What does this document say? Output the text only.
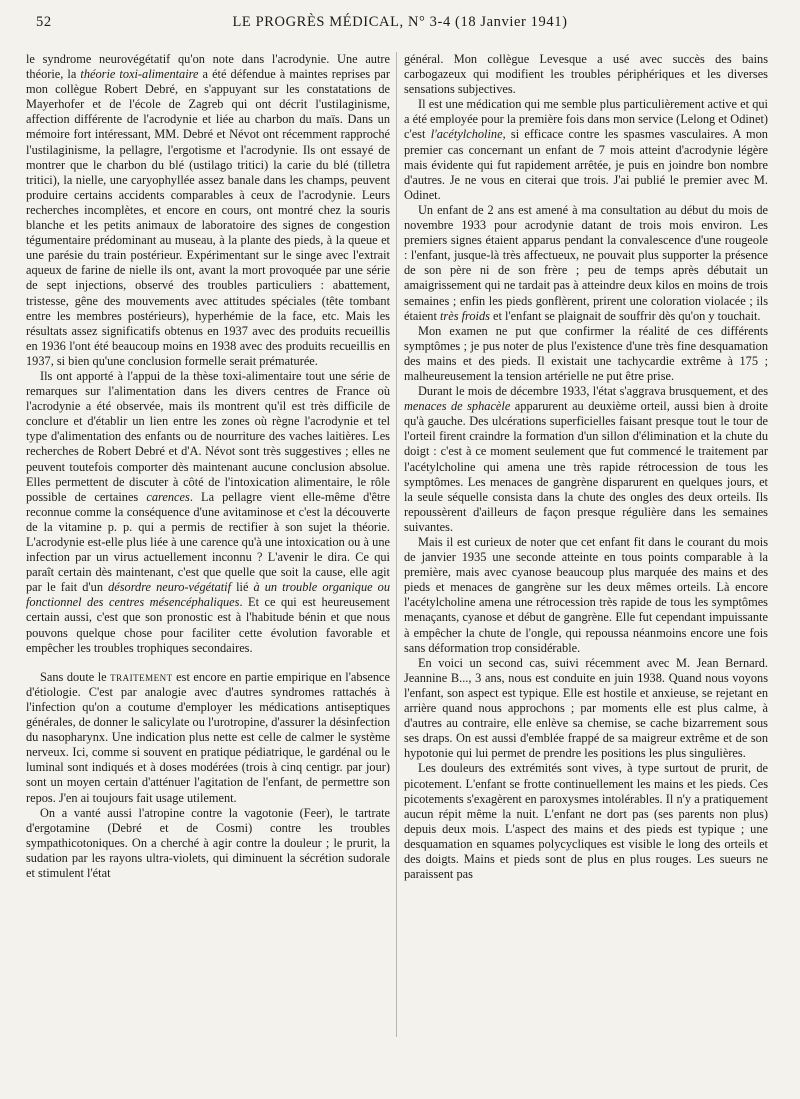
52	LE PROGRÈS MÉDICAL, N° 3-4 (18 Janvier 1941)

le syndrome neurovégétatif qu'on note dans l'acrodynie. Une autre théorie, la théorie toxi-alimentaire a été défendue à maintes reprises par mon collègue Robert Debré, en s'appuyant sur les constatations de Mayerhofer et de l'école de Zagreb qui ont décrit l'ustilaginisme, affection différente de l'acrodynie et liée au charbon du maïs. Dans un mémoire fort intéressant, MM. Debré et Névot ont récemment rapproché l'ustilaginisme, la pellagre, l'ergotisme et l'acrodynie. Ils ont essayé de montrer que le charbon du blé (ustilago tritici) la carie du blé (tilletra tritici), la nielle, une caryophyllée assez banale dans les champs, peuvent produire certains accidents comparables à ceux de l'acrodynie. Leurs recherches incomplètes, et encore en cours, ont montré chez la souris blanche et les petits animaux de laboratoire des signes de congestion tégumentaire prédominant au museau, à la plante des pieds, à la queue et une parésie du train postérieur. Expérimentant sur le singe avec l'extrait aqueux de farine de nielle ils ont, avant la mort provoquée par une série de sept injections, observé des troubles particuliers : abattement, tristesse, gêne des mouvements avec attitudes spéciales (tête tombant entre les membres postérieurs), hyperhémie de la face, etc. Mais les résultats assez significatifs obtenus en 1937 avec des produits recueillis en 1936 l'ont été beaucoup moins en 1938 avec des produits recueillis en 1937, si bien qu'une conclusion formelle serait prématurée.

Ils ont apporté à l'appui de la thèse toxi-alimentaire tout une série de remarques sur l'alimentation dans les divers centres de France où l'acrodynie a été observée, mais ils montrent qu'il est très difficile de conclure et d'établir un lien entre les zones où règne l'acrodynie et tel type d'alimentation des enfants ou de nourriture des vaches laitières. Les recherches de Robert Debré et d'A. Névot sont très suggestives ; elles ne peuvent toutefois comporter dès maintenant aucune conclusion absolue. Elles permettent de discuter à côté de l'intoxication alimentaire, le rôle possible de certaines carences. La pellagre vient elle-même d'être reconnue comme la conséquence d'une avitaminose et c'est la découverte de la vitamine p. p. qui a permis de rectifier à son sujet la théorie. L'acrodynie est-elle plus liée à une carence qu'à une intoxication ou à une infection par un virus actuellement inconnu ? L'avenir le dira. Ce qui paraît certain dès maintenant, c'est que quelle que soit la cause, elle agit par le fait d'un désordre neuro-végétatif lié à un trouble organique ou fonctionnel des centres mésencéphaliques. Et ce qui est heureusement certain aussi, c'est que son pronostic est à l'habitude bénin et que nous pouvons quelque chose pour faciliter cette évolution favorable et empêcher les troubles trophiques secondaires.

Sans doute le traitement est encore en partie empirique en l'absence d'étiologie. C'est par analogie avec d'autres syndromes rattachés à l'infection qu'on a coutume d'employer les médications antiseptiques générales, de donner le salicylate ou l'urotropine, d'assurer la désinfection du nasopharynx. Une indication plus nette est celle de calmer le système nerveux. Ici, comme si souvent en pratique pédiatrique, le gardénal ou le luminal sont indiqués et à doses modérées (trois à cinq centigr. par jour) sont un moyen certain d'atténuer l'agitation de l'enfant, de permettre son repos. J'en ai toujours fait usage utilement.

On a vanté aussi l'atropine contre la vagotonie (Feer), le tartrate d'ergotamine (Debré et de Cosmi) contre les troubles sympathicotoniques. On a cherché à agir contre la douleur ; le prurit, la sudation par les rayons ultra-violets, qui diminuent la sécrétion sudorale et stimulent l'état

général. Mon collègue Levesque a usé avec succès des bains carbogazeux qui modifient les troubles périphériques et les diverses sensations subjectives.

Il est une médication qui me semble plus particulièrement active et qui a été employée pour la première fois dans mon service (Lelong et Odinet) c'est l'acétylcholine, si efficace contre les spasmes vasculaires. A mon premier cas concernant un enfant de 7 mois atteint d'acrodynie légère mais évidente qui fut rapidement arrêtée, je puis en joindre bon nombre d'autres. Je ne vous en citerai que trois. J'ai publié le premier avec M. Odinet.

Un enfant de 2 ans est amené à ma consultation au début du mois de novembre 1933 pour acrodynie datant de trois mois environ. Les premiers signes étaient apparus pendant la convalescence d'une rougeole : l'enfant, jusque-là très affectueux, ne pouvait plus supporter la présence de son père ni de son frère ; peu de temps après débutait un amaigrissement qui ne tardait pas à atteindre deux kilos en moins de trois semaines ; enfin les pieds gonflèrent, prirent une coloration violacée ; ils étaient très froids et l'enfant se plaignait de souffrir dès qu'on y touchait.

Mon examen ne put que confirmer la réalité de ces différents symptômes ; je pus noter de plus l'existence d'une très fine desquamation des mains et des pieds. Il existait une tachycardie extrême à 175 ; malheureusement la tension artérielle ne put être prise.

Durant le mois de décembre 1933, l'état s'aggrava brusquement, et des menaces de sphacèle apparurent au deuxième orteil, aussi bien à droite qu'à gauche. Des ulcérations superficielles faisant presque tout le tour de l'orteil firent craindre la formation d'un sillon d'élimination et la chute du doigt : c'est à ce moment seulement que fut commencé le traitement par l'acétylcholine qui amena une très rapide rétrocession de tous les symptômes. Les menaces de gangrène disparurent en quelques jours, et la seule séquelle consista dans la chute des ongles des deux orteils. Ils repoussèrent d'ailleurs de façon presque régulière dans les semaines suivantes.

Mais il est curieux de noter que cet enfant fit dans le courant du mois de janvier 1935 une seconde atteinte en tous points comparable à la première, mais avec cyanose beaucoup plus marquée des mains et des pieds et menaces de gangrène sur les deux mêmes orteils. Là encore l'acétylcholine amena une rétrocession très rapide de tous les symptômes menaçants, cyanose et début de gangrène. Elle fut cependant impuissante à empêcher la chute de l'ongle, qui repoussa néanmoins encore une fois sans déformation trop considérable.

En voici un second cas, suivi récemment avec M. Jean Bernard. Jeannine B..., 3 ans, nous est conduite en juin 1938. Quand nous voyons l'enfant, son aspect est typique. Elle est hostile et anxieuse, se rejetant en arrière quand nous approchons ; par moments elle est plus calme, à d'autres au contraire, elle enlève sa chemise, se cache bizarrement sous ses draps. On est aussi d'emblée frappé de sa maigreur extrême et de son hypotonie qui lui permet de prendre les positions les plus singulières.

Les douleurs des extrémités sont vives, à type surtout de prurit, de picotement. L'enfant se frotte continuellement les mains et les pieds. Ces picotements s'exagèrent en paroxysmes intolérables. Il n'y a pratiquement aucun répit même la nuit. L'enfant ne dort pas (ses parents non plus) depuis deux mois. L'aspect des mains et des pieds est typique ; une desquamation en squames polycycliques est visible le long des orteils et des doigts. Mains et pieds sont de plus en plus rouges. Les sueurs ne paraissent pas
